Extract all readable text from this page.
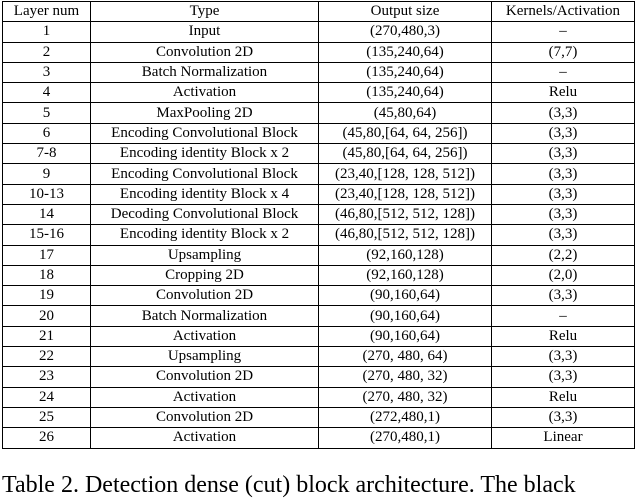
Layer num	Type	Output size	Kernels/Activation
1	Input	(270,480,3)	–
2	Convolution 2D	(135,240,64)	(7,7)
3	Batch Normalization	(135,240,64)	–
4	Activation	(135,240,64)	Relu
5	MaxPooling 2D	(45,80,64)	(3,3)
6	Encoding Convolutional Block	(45,80,[64, 64, 256])	(3,3)
7-8	Encoding identity Block x 2	(45,80,[64, 64, 256])	(3,3)
9	Encoding Convolutional Block	(23,40,[128, 128, 512])	(3,3)
10-13	Encoding identity Block x 4	(23,40,[128, 128, 512])	(3,3)
14	Decoding Convolutional Block	(46,80,[512, 512, 128])	(3,3)
15-16	Encoding identity Block x 2	(46,80,[512, 512, 128])	(3,3)
17	Upsampling	(92,160,128)	(2,2)
18	Cropping 2D	(92,160,128)	(2,0)
19	Convolution 2D	(90,160,64)	(3,3)
20	Batch Normalization	(90,160,64)	–
21	Activation	(90,160,64)	Relu
22	Upsampling	(270, 480, 64)	(3,3)
23	Convolution 2D	(270, 480, 32)	(3,3)
24	Activation	(270, 480, 32)	Relu
25	Convolution 2D	(272,480,1)	(3,3)
26	Activation	(270,480,1)	Linear
Table 2. Detection dense (cut) block architecture. The black
